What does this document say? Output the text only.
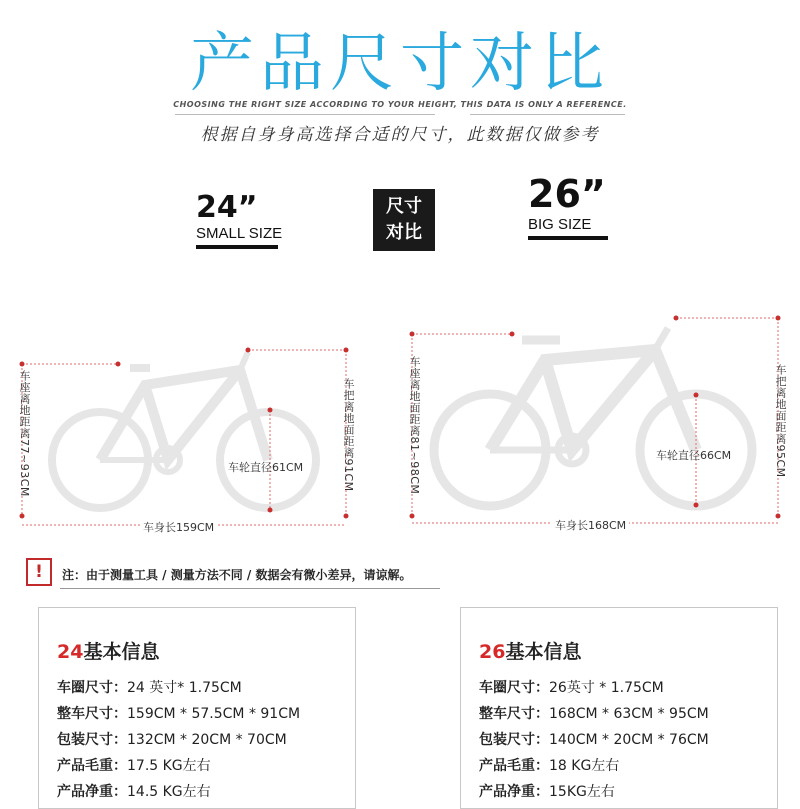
产品尺寸对比
CHOOSING THE RIGHT SIZE ACCORDING TO YOUR HEIGHT, THIS DATA IS ONLY A REFERENCE.
根据自身身高选择合适的尺寸，此数据仅做参考
24”
SMALL SIZE
尺寸
对比
26”
BIG SIZE
车座离地距离77~93CM	车把离地面距离91CM
车轮直径61CM
车身长159CM
车座离地面距离81~98CM	车把离地面距离95CM
车轮直径66CM
车身长168CM
!	注：由于测量工具 / 测量方法不同 / 数据会有微小差异，请谅解。
24基本信息
车圈尺寸：24 英寸* 1.75CM
整车尺寸：159CM * 57.5CM * 91CM
包装尺寸：132CM * 20CM * 70CM
产品毛重：17.5 KG左右
产品净重：14.5 KG左右
26基本信息
车圈尺寸：26英寸 * 1.75CM
整车尺寸：168CM * 63CM * 95CM
包装尺寸：140CM * 20CM * 76CM
产品毛重：18 KG左右
产品净重：15KG左右
